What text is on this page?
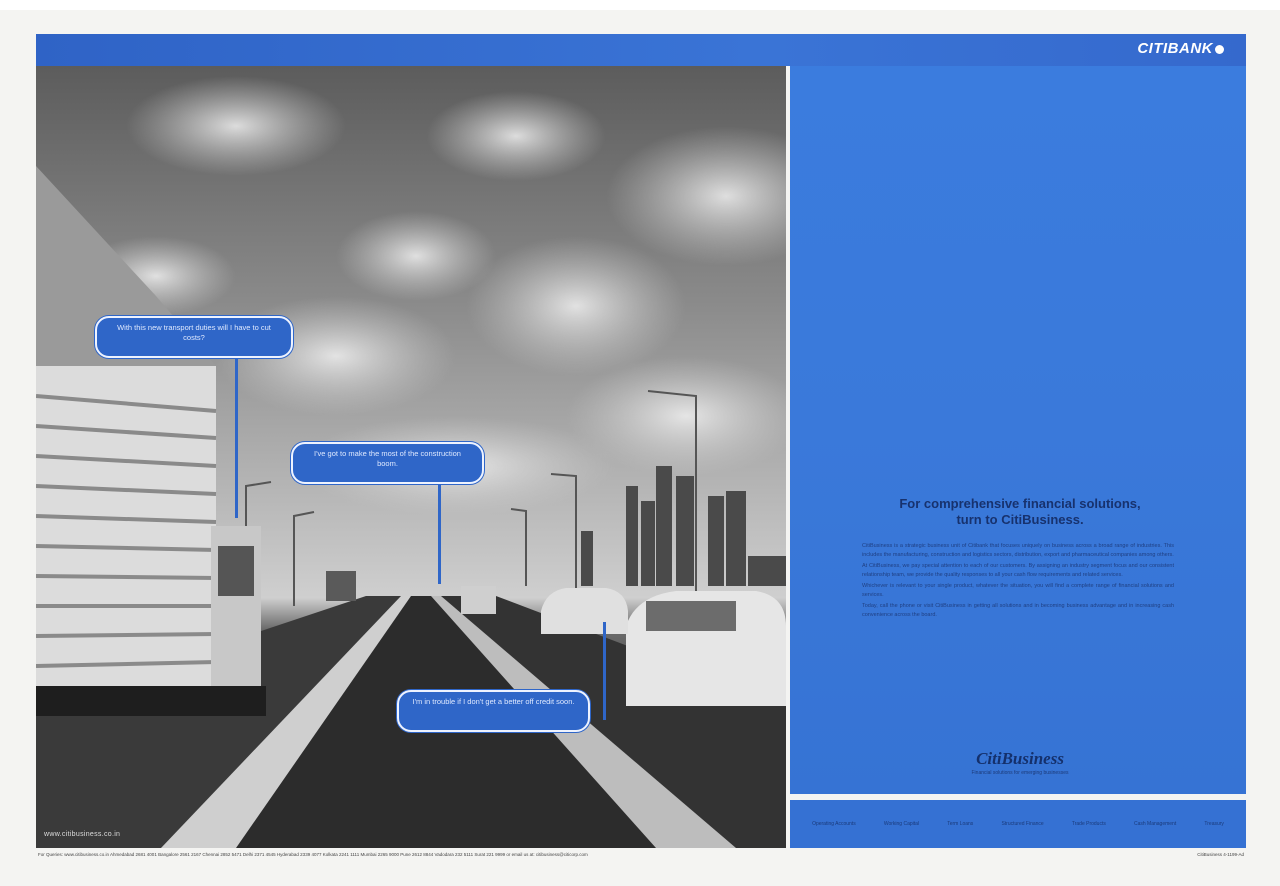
CITIBANK
www.citibusiness.co.in
With this new transport duties will I have to cut costs?
I've got to make the most of the construction boom.
I'm in trouble if I don't get a better off credit soon.
For comprehensive financial solutions,
turn to CitiBusiness.

CitiBusiness is a strategic business unit of Citibank that focuses uniquely on business across a broad range of industries. This includes the manufacturing, construction and logistics sectors, distribution, export and pharmaceutical companies among others.

At CitiBusiness, we pay special attention to each of our customers. By assigning an industry segment focus and our consistent relationship team, we provide the quality responses to all your cash flow requirements and related services.

Whichever is relevant to your single product, whatever the situation, you will find a complete range of financial solutions and services.

Today, call the phone or visit CitiBusiness in getting all solutions and in becoming business advantage and in increasing cash convenience across the board.

CitiBusiness
Financial solutions for emerging businesses
Operating Accounts	Working Capital	Term Loans	Structured Finance	Trade Products	Cash Management	Treasury
For Queries: www.citibusiness.co.in Ahmedabad 2681 4001 Bangalore 2561 2167 Chennai 2852 5471 Delhi 2371 4545 Hyderabad 2339 4077 Kolkata 2241 1111 Mumbai 2265 9000 Pune 2612 8844 Vadodara 232 5111 Surat 221 9999 or email us at: citibusiness@citicorp.com	CitiBusiness 4-1199-Ad
